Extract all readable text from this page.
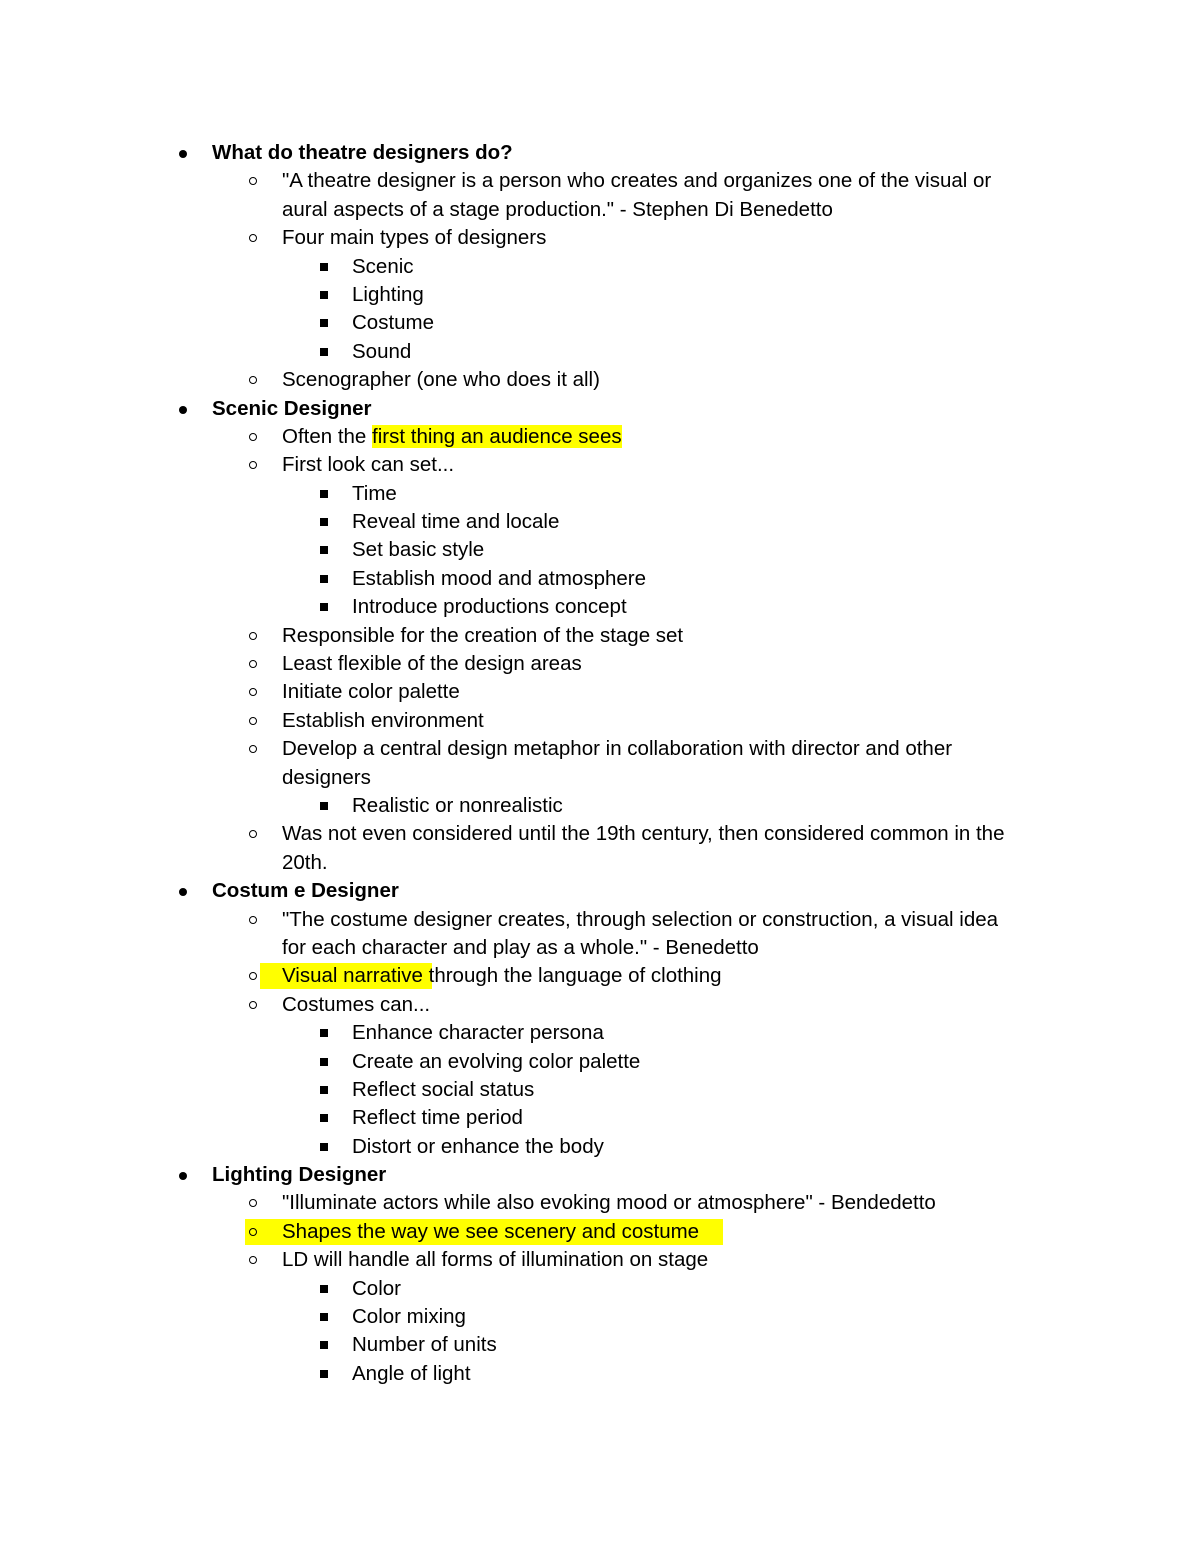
What do theatre designers do?
"A theatre designer is a person who creates and organizes one of the visual or
aural aspects of a stage production." - Stephen Di Benedetto
Four main types of designers
Scenic
Lighting
Costume
Sound
Scenographer (one who does it all)
Scenic Designer
Often the first thing an audience sees
First look can set...
Time
Reveal time and locale
Set basic style
Establish mood and atmosphere
Introduce productions concept
Responsible for the creation of the stage set
Least flexible of the design areas
Initiate color palette
Establish environment
Develop a central design metaphor in collaboration with director and other
designers
Realistic or nonrealistic
Was not even considered until the 19th century, then considered common in the
20th.
Costum e Designer
"The costume designer creates, through selection or construction, a visual idea
for each character and play as a whole." - Benedetto
Visual narrative through the language of clothing
Costumes can...
Enhance character persona
Create an evolving color palette
Reflect social status
Reflect time period
Distort or enhance the body
Lighting Designer
"Illuminate actors while also evoking mood or atmosphere" - Bendedetto
Shapes the way we see scenery and costume
LD will handle all forms of illumination on stage
Color
Color mixing
Number of units
Angle of light
